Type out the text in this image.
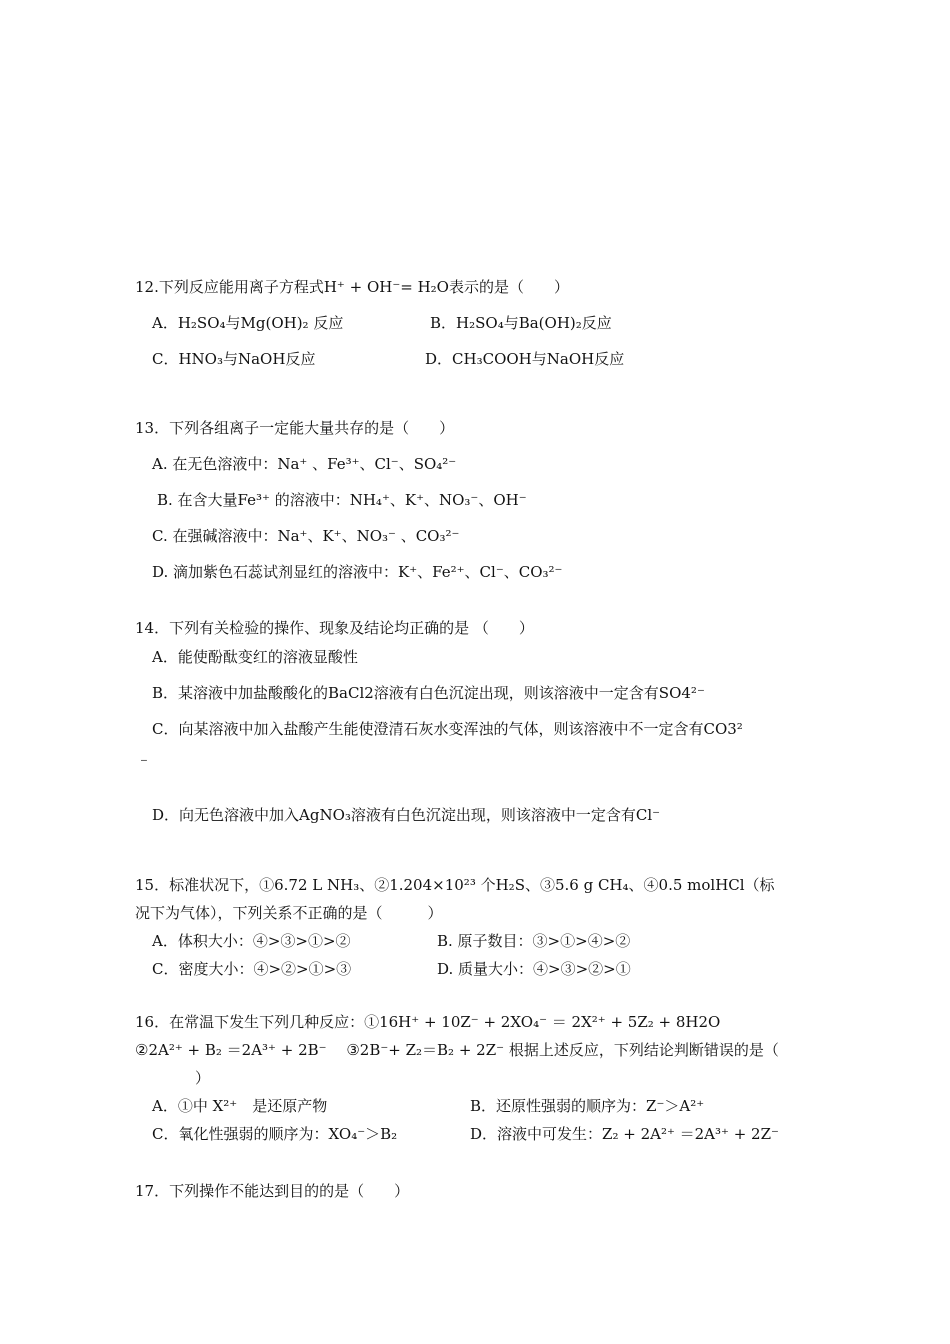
12.下列反应能用离子方程式H⁺ + OH⁻= H₂O表示的是（　　）
A．H₂SO₄与Mg(OH)₂ 反应	B．H₂SO₄与Ba(OH)₂反应
C．HNO₃与NaOH反应	D．CH₃COOH与NaOH反应
13．下列各组离子一定能大量共存的是（　　）
A. 在无色溶液中：Na⁺ 、Fe³⁺、Cl⁻、SO₄²⁻
B. 在含大量Fe³⁺ 的溶液中：NH₄⁺、K⁺、NO₃⁻、OH⁻
C. 在强碱溶液中：Na⁺、K⁺、NO₃⁻ 、CO₃²⁻
D. 滴加紫色石蕊试剂显红的溶液中：K⁺、Fe²⁺、Cl⁻、CO₃²⁻
14．下列有关检验的操作、现象及结论均正确的是 （　　）
A．能使酚酞变红的溶液显酸性
B．某溶液中加盐酸酸化的BaCl2溶液有白色沉淀出现，则该溶液中一定含有SO4²⁻
C．向某溶液中加入盐酸产生能使澄清石灰水变浑浊的气体，则该溶液中不一定含有CO3²
⁻
D．向无色溶液中加入AgNO₃溶液有白色沉淀出现，则该溶液中一定含有Cl⁻
15．标准状况下，①6.72 L NH₃、②1.204×10²³ 个H₂S、③5.6 g CH₄、④0.5 molHCl（标
况下为气体），下列关系不正确的是（　　　）
A．体积大小：④>③>①>②	B. 原子数目：③>①>④>②
C．密度大小：④>②>①>③	D. 质量大小：④>③>②>①
16．在常温下发生下列几种反应：①16H⁺ + 10Z⁻ + 2XO₄⁻ ＝ 2X²⁺ + 5Z₂ + 8H2O
②2A²⁺ + B₂ ＝2A³⁺ + 2B⁻　 ③2B⁻+ Z₂＝B₂ + 2Z⁻ 根据上述反应，下列结论判断错误的是（
）
A．①中 X²⁺　是还原产物	B．还原性强弱的顺序为：Z⁻＞A²⁺
C．氧化性强弱的顺序为：XO₄⁻＞B₂	D．溶液中可发生：Z₂ + 2A²⁺ ＝2A³⁺ + 2Z⁻
17．下列操作不能达到目的的是（　　）
